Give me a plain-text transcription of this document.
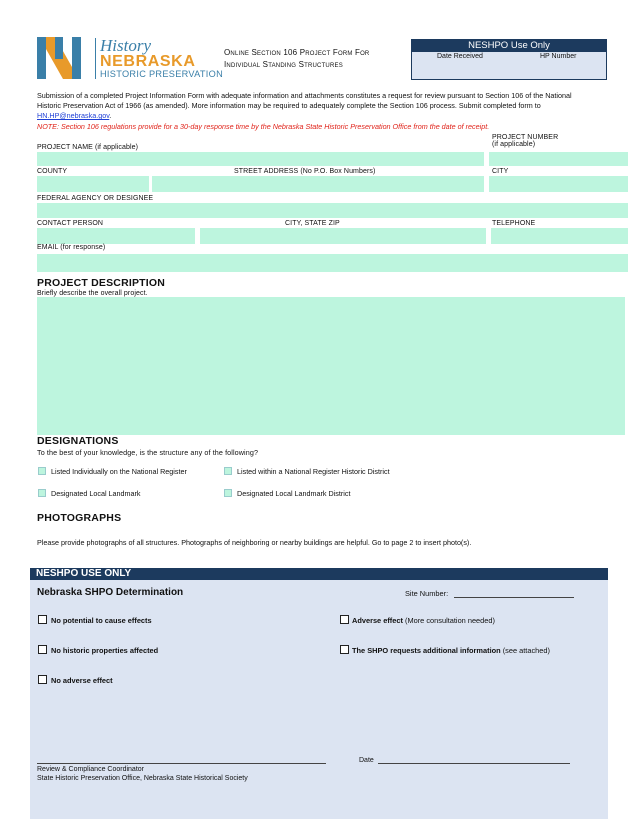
History
NEBRASKA
HISTORIC PRESERVATION
Online Section 106 Project Form For
Individual Standing Structures
NESHPO Use Only
Date Received	HP Number
Submission of a completed Project Information Form with adequate information and attachments constitutes a request for review pursuant to Section 106 of the National Historic Preservation Act of 1966 (as amended). More information may be required to adequately complete the Section 106 process. Submit completed form to HN.HP@nebraska.gov.
NOTE: Section 106 regulations provide for a 30-day response time by the Nebraska State Historic Preservation Office from the date of receipt.
PROJECT NAME (if applicable)
PROJECT NUMBER
(if applicable)
COUNTY	STREET ADDRESS (No P.O. Box Numbers)	CITY
FEDERAL AGENCY OR DESIGNEE
CONTACT PERSON	CITY, STATE ZIP	TELEPHONE
EMAIL (for response)
PROJECT DESCRIPTION
Briefly describe the overall project.
DESIGNATIONS
To the best of your knowledge, is the structure any of the following?
Listed Individually on the National Register	Listed within a National Register Historic District
Designated Local Landmark	Designated Local Landmark District
PHOTOGRAPHS
Please provide photographs of all structures. Photographs of neighboring or nearby buildings are helpful. Go to page 2 to insert photo(s).
NESHPO USE ONLY
Nebraska SHPO Determination	Site Number:
No potential to cause effects	Adverse effect (More consultation needed)
No historic properties affected	The SHPO requests additional information (see attached)
No adverse effect
Date
Review & Compliance Coordinator
State Historic Preservation Office, Nebraska State Historical Society
